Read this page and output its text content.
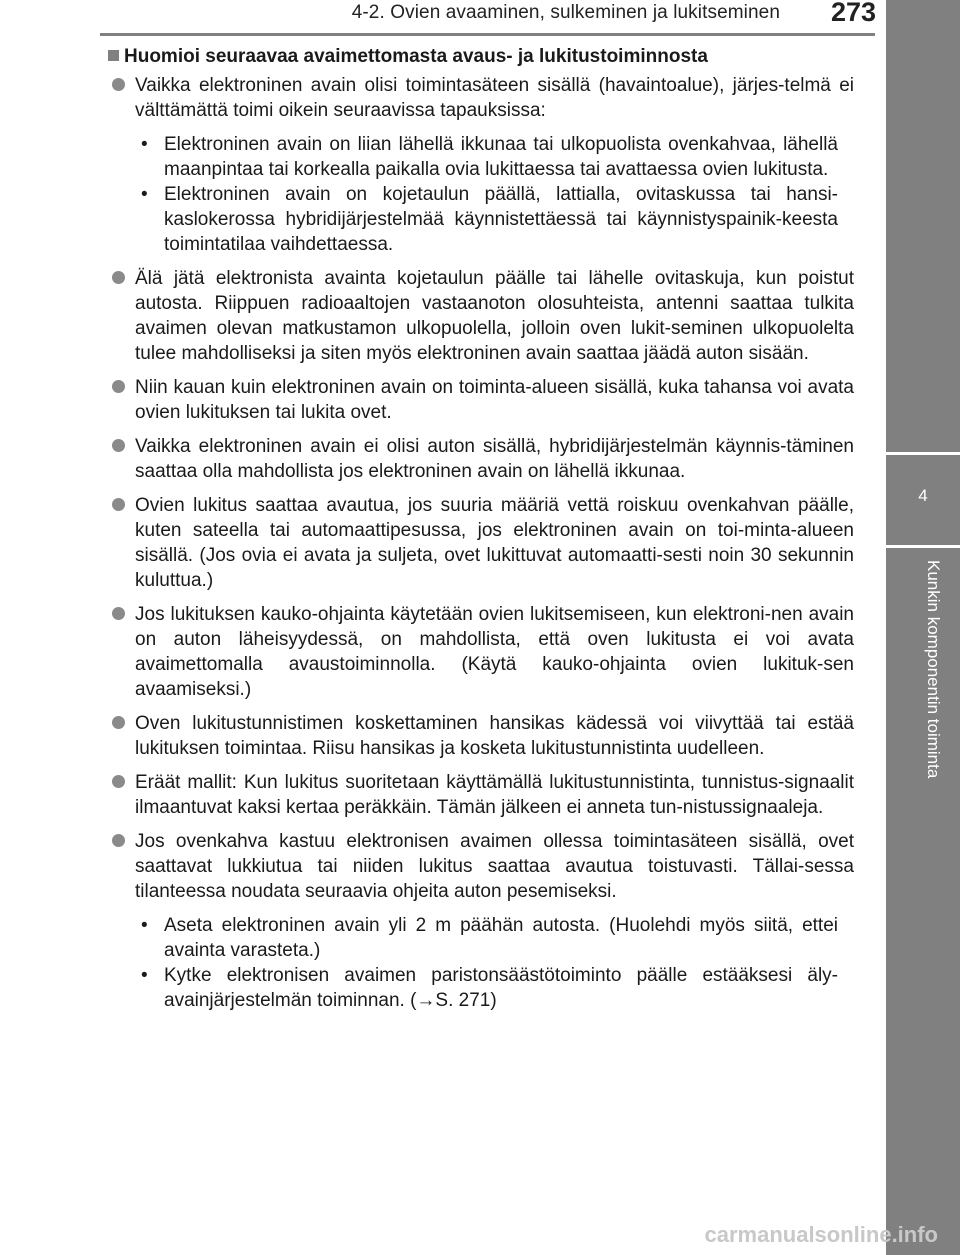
4-2. Ovien avaaminen, sulkeminen ja lukitseminen	273
4
Kunkin komponentin toiminta
Huomioi seuraavaa avaimettomasta avaus- ja lukitustoiminnosta
Vaikka elektroninen avain olisi toimintasäteen sisällä (havaintoalue), järjes-telmä ei välttämättä toimi oikein seuraavissa tapauksissa:
• Elektroninen avain on liian lähellä ikkunaa tai ulkopuolista ovenkahvaa, lähellä maanpintaa tai korkealla paikalla ovia lukittaessa tai avattaessa ovien lukitusta.
• Elektroninen avain on kojetaulun päällä, lattialla, ovitaskussa tai hansi-kaslokerossa hybridijärjestelmää käynnistettäessä tai käynnistyspainik-keesta toimintatilaa vaihdettaessa.
Älä jätä elektronista avainta kojetaulun päälle tai lähelle ovitaskuja, kun poistut autosta. Riippuen radioaaltojen vastaanoton olosuhteista, antenni saattaa tulkita avaimen olevan matkustamon ulkopuolella, jolloin oven lukit-seminen ulkopuolelta tulee mahdolliseksi ja siten myös elektroninen avain saattaa jäädä auton sisään.
Niin kauan kuin elektroninen avain on toiminta-alueen sisällä, kuka tahansa voi avata ovien lukituksen tai lukita ovet.
Vaikka elektroninen avain ei olisi auton sisällä, hybridijärjestelmän käynnis-täminen saattaa olla mahdollista jos elektroninen avain on lähellä ikkunaa.
Ovien lukitus saattaa avautua, jos suuria määriä vettä roiskuu ovenkahvan päälle, kuten sateella tai automaattipesussa, jos elektroninen avain on toi-minta-alueen sisällä. (Jos ovia ei avata ja suljeta, ovet lukittuvat automaatti-sesti noin 30 sekunnin kuluttua.)
Jos lukituksen kauko-ohjainta käytetään ovien lukitsemiseen, kun elektroni-nen avain on auton läheisyydessä, on mahdollista, että oven lukitusta ei voi avata avaimettomalla avaustoiminnolla. (Käytä kauko-ohjainta ovien lukituk-sen avaamiseksi.)
Oven lukitustunnistimen koskettaminen hansikas kädessä voi viivyttää tai estää lukituksen toimintaa. Riisu hansikas ja kosketa lukitustunnistinta uudelleen.
Eräät mallit: Kun lukitus suoritetaan käyttämällä lukitustunnistinta, tunnistus-signaalit ilmaantuvat kaksi kertaa peräkkäin. Tämän jälkeen ei anneta tun-nistussignaaleja.
Jos ovenkahva kastuu elektronisen avaimen ollessa toimintasäteen sisällä, ovet saattavat lukkiutua tai niiden lukitus saattaa avautua toistuvasti. Tällai-sessa tilanteessa noudata seuraavia ohjeita auton pesemiseksi.
• Aseta elektroninen avain yli 2 m päähän autosta. (Huolehdi myös siitä, ettei avainta varasteta.)
• Kytke elektronisen avaimen paristonsäästötoiminto päälle estääksesi äly-avainjärjestelmän toiminnan. (→S. 271)
carmanualsonline.info
